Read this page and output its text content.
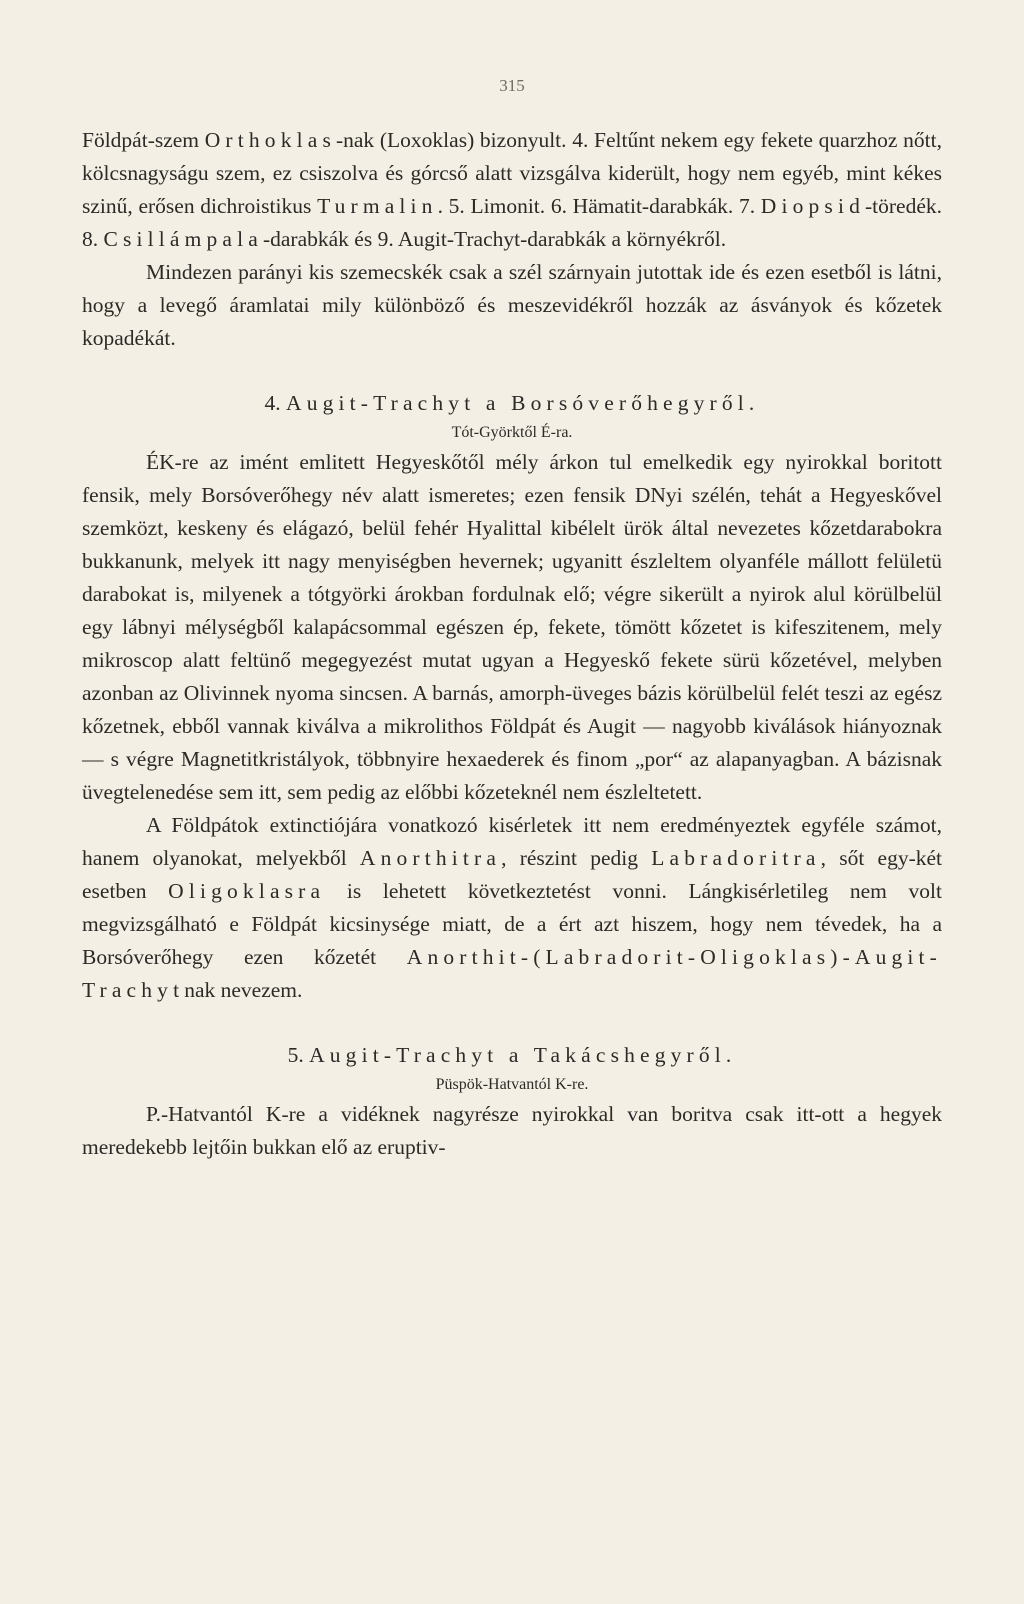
315

Földpát-szem Orthoklas-nak (Loxoklas) bizonyult. 4. Feltűnt nekem egy fekete quarzhoz nőtt, kölcsnagyságu szem, ez csiszolva és górcső alatt vizsgálva kiderült, hogy nem egyéb, mint kékes szinű, erősen dichroistikus Turmalin. 5. Limonit. 6. Hämatit-darabkák. 7. Diopsid-töredék. 8. Csillámpala-darabkák és 9. Augit-Trachyt-darabkák a környékről.

Mindezen parányi kis szemecskék csak a szél szárnyain jutottak ide és ezen esetből is látni, hogy a levegő áramlatai mily különböző és meszevidékről hozzák az ásványok és kőzetek kopadékát.

4. Augit-Trachyt a Borsóverőhegyről.

Tót-Györktől É-ra.

ÉK-re az imént emlitett Hegyeskőtől mély árkon tul emelkedik egy nyirokkal boritott fensik, mely Borsóverőhegy név alatt ismeretes; ezen fensik DNyi szélén, tehát a Hegyeskővel szemközt, keskeny és elágazó, belül fehér Hyalittal kibélelt ürök által nevezetes kőzetdarabokra bukkanunk, melyek itt nagy menyiségben hevernek; ugyanitt észleltem olyanféle mállott felületü darabokat is, milyenek a tótgyörki árokban fordulnak elő; végre sikerült a nyirok alul körülbelül egy lábnyi mélységből kalapácsommal egészen ép, fekete, tömött kőzetet is kifeszitenem, mely mikroscop alatt feltünő megegyezést mutat ugyan a Hegyeskő fekete sürü kőzetével, melyben azonban az Olivinnek nyoma sincsen. A barnás, amorph-üveges bázis körülbelül felét teszi az egész kőzetnek, ebből vannak kiválva a mikrolithos Földpát és Augit — nagyobb kiválások hiányoznak — s végre Magnetitkristályok, többnyire hexaederek és finom „por“ az alapanyagban. A bázisnak üvegtelenedése sem itt, sem pedig az előbbi kőzeteknél nem észleltetett.

A Földpátok extinctiójára vonatkozó kisérletek itt nem eredményeztek egyféle számot, hanem olyanokat, melyekből Anorthitra, részint pedig Labradoritra, sőt egy-két esetben Oligoklasra is lehetett következtetést vonni. Lángkisérletileg nem volt megvizsgálható e Földpát kicsinysége miatt, de a ért azt hiszem, hogy nem tévedek, ha a Borsóverőhegy ezen kőzetét Anorthit-(Labradorit-Oligoklas)-Augit-Trachytnak nevezem.

5. Augit-Trachyt a Takácshegyről.

Püspök-Hatvantól K-re.

P.-Hatvantól K-re a vidéknek nagyrésze nyirokkal van boritva csak itt-ott a hegyek meredekebb lejtőin bukkan elő az eruptiv-
